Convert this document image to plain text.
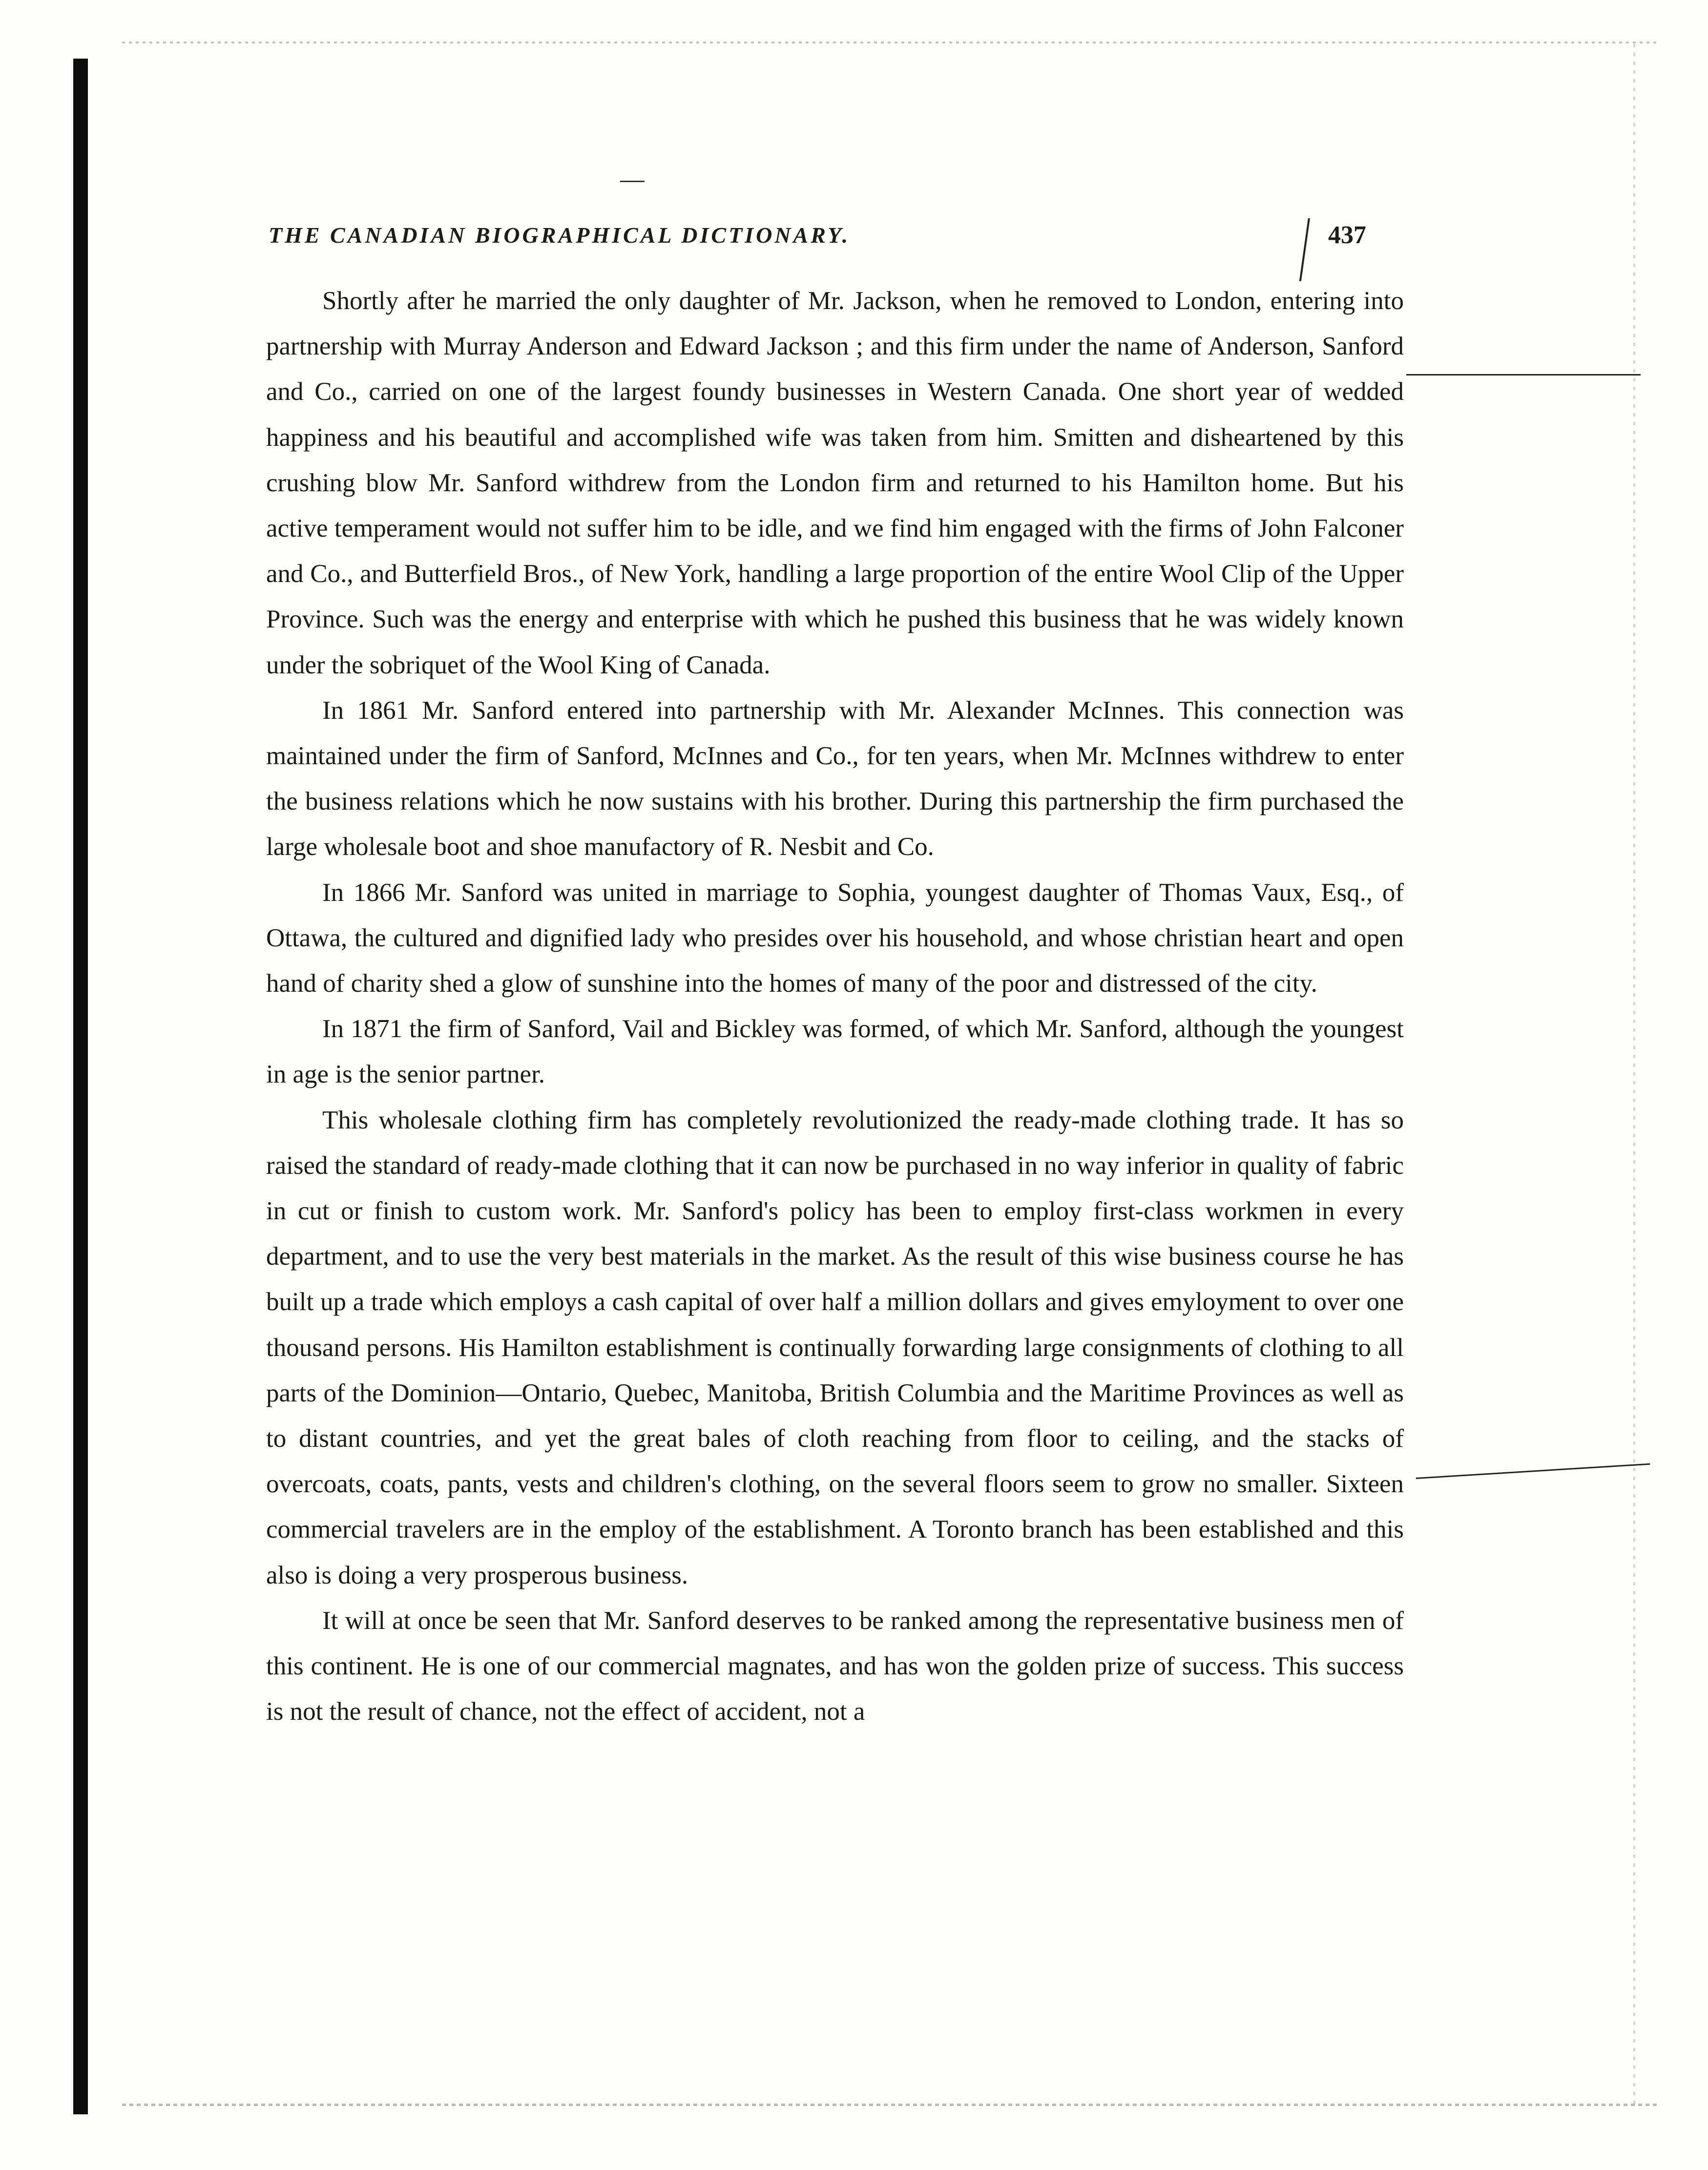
THE CANADIAN BIOGRAPHICAL DICTIONARY.	437

Shortly after he married the only daughter of Mr. Jackson, when he removed to London, entering into partnership with Murray Anderson and Edward Jackson ; and this firm under the name of Anderson, Sanford and Co., carried on one of the largest foundy businesses in Western Canada. One short year of wedded happiness and his beautiful and accomplished wife was taken from him. Smitten and disheartened by this crushing blow Mr. Sanford withdrew from the London firm and returned to his Hamilton home. But his active temperament would not suffer him to be idle, and we find him engaged with the firms of John Falconer and Co., and Butterfield Bros., of New York, handling a large proportion of the entire Wool Clip of the Upper Province. Such was the energy and enterprise with which he pushed this business that he was widely known under the sobriquet of the Wool King of Canada.

In 1861 Mr. Sanford entered into partnership with Mr. Alexander McInnes. This connection was maintained under the firm of Sanford, McInnes and Co., for ten years, when Mr. McInnes withdrew to enter the business relations which he now sustains with his brother. During this partnership the firm purchased the large wholesale boot and shoe manufactory of R. Nesbit and Co.

In 1866 Mr. Sanford was united in marriage to Sophia, youngest daughter of Thomas Vaux, Esq., of Ottawa, the cultured and dignified lady who presides over his household, and whose christian heart and open hand of charity shed a glow of sunshine into the homes of many of the poor and distressed of the city.

In 1871 the firm of Sanford, Vail and Bickley was formed, of which Mr. Sanford, although the youngest in age is the senior partner.

This wholesale clothing firm has completely revolutionized the ready-made clothing trade. It has so raised the standard of ready-made clothing that it can now be purchased in no way inferior in quality of fabric in cut or finish to custom work. Mr. Sanford's policy has been to employ first-class workmen in every department, and to use the very best materials in the market. As the result of this wise business course he has built up a trade which employs a cash capital of over half a million dollars and gives emyloyment to over one thousand persons. His Hamilton establishment is continually forwarding large consignments of clothing to all parts of the Dominion—Ontario, Quebec, Manitoba, British Columbia and the Maritime Provinces as well as to distant countries, and yet the great bales of cloth reaching from floor to ceiling, and the stacks of overcoats, coats, pants, vests and children's clothing, on the several floors seem to grow no smaller. Sixteen commercial travelers are in the employ of the establishment. A Toronto branch has been established and this also is doing a very prosperous business.

It will at once be seen that Mr. Sanford deserves to be ranked among the representative business men of this continent. He is one of our commercial magnates, and has won the golden prize of success. This success is not the result of chance, not the effect of accident, not a
